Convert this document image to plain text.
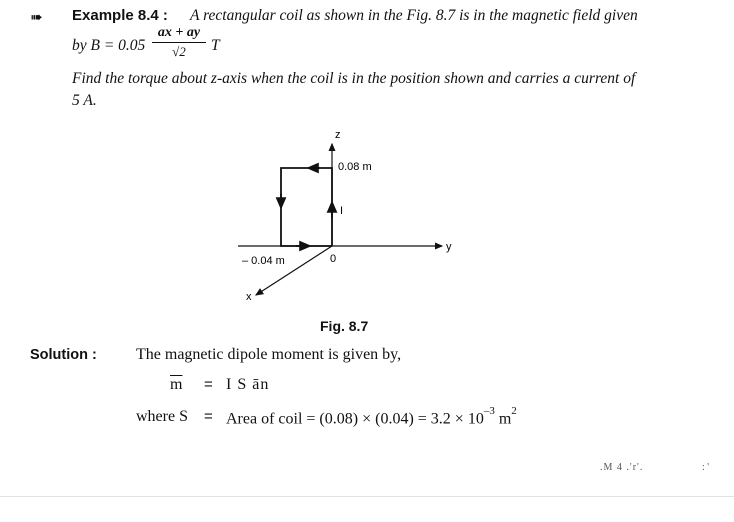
➠ Example 8.4 : A rectangular coil as shown in the Fig. 8.7 is in the magnetic field given
by $B = 0.05 \frac{ax + ay}{√2}$ T
Find the torque about z-axis when the coil is in the position shown and carries a current of
5 A.
z
y
x
0.08 m
– 0.04 m	0
I
Fig. 8.7
Solution : The magnetic dipole moment is given by,
$\overline{m} = I$ S ān
where S = Area of coil = $(0.08) \times (0.04) = 3.2 \times 10^{-3}$ $m^2$
.M 4 .'r'.	: '
